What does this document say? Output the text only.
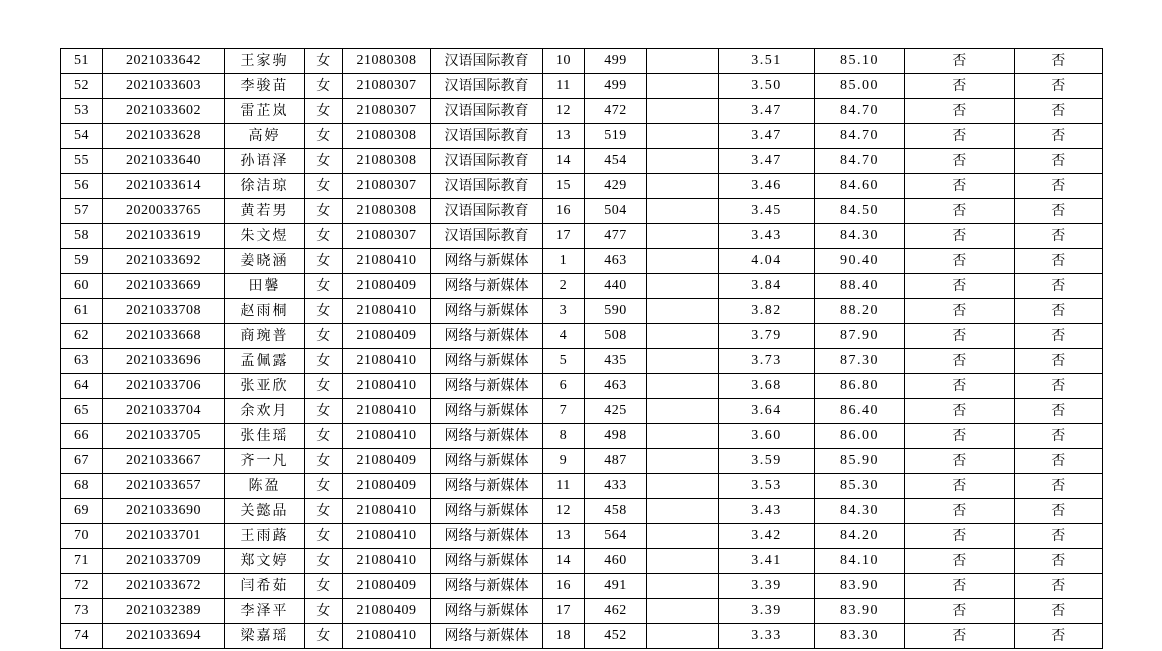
51	2021033642	王家驹	女	21080308	汉语国际教育	10	499		3.51	85.10	否	否
52	2021033603	李骏苗	女	21080307	汉语国际教育	11	499		3.50	85.00	否	否
53	2021033602	雷芷岚	女	21080307	汉语国际教育	12	472		3.47	84.70	否	否
54	2021033628	高婷	女	21080308	汉语国际教育	13	519		3.47	84.70	否	否
55	2021033640	孙语泽	女	21080308	汉语国际教育	14	454		3.47	84.70	否	否
56	2021033614	徐洁琼	女	21080307	汉语国际教育	15	429		3.46	84.60	否	否
57	2020033765	黄若男	女	21080308	汉语国际教育	16	504		3.45	84.50	否	否
58	2021033619	朱文煜	女	21080307	汉语国际教育	17	477		3.43	84.30	否	否
59	2021033692	姜晓涵	女	21080410	网络与新媒体	1	463		4.04	90.40	否	否
60	2021033669	田馨	女	21080409	网络与新媒体	2	440		3.84	88.40	否	否
61	2021033708	赵雨桐	女	21080410	网络与新媒体	3	590		3.82	88.20	否	否
62	2021033668	商琬普	女	21080409	网络与新媒体	4	508		3.79	87.90	否	否
63	2021033696	孟佩露	女	21080410	网络与新媒体	5	435		3.73	87.30	否	否
64	2021033706	张亚欣	女	21080410	网络与新媒体	6	463		3.68	86.80	否	否
65	2021033704	余欢月	女	21080410	网络与新媒体	7	425		3.64	86.40	否	否
66	2021033705	张佳瑶	女	21080410	网络与新媒体	8	498		3.60	86.00	否	否
67	2021033667	齐一凡	女	21080409	网络与新媒体	9	487		3.59	85.90	否	否
68	2021033657	陈盈	女	21080409	网络与新媒体	11	433		3.53	85.30	否	否
69	2021033690	关懿品	女	21080410	网络与新媒体	12	458		3.43	84.30	否	否
70	2021033701	王雨蕗	女	21080410	网络与新媒体	13	564		3.42	84.20	否	否
71	2021033709	郑文婷	女	21080410	网络与新媒体	14	460		3.41	84.10	否	否
72	2021033672	闫希茹	女	21080409	网络与新媒体	16	491		3.39	83.90	否	否
73	2021032389	李泽平	女	21080409	网络与新媒体	17	462		3.39	83.90	否	否
74	2021033694	梁嘉瑶	女	21080410	网络与新媒体	18	452		3.33	83.30	否	否
